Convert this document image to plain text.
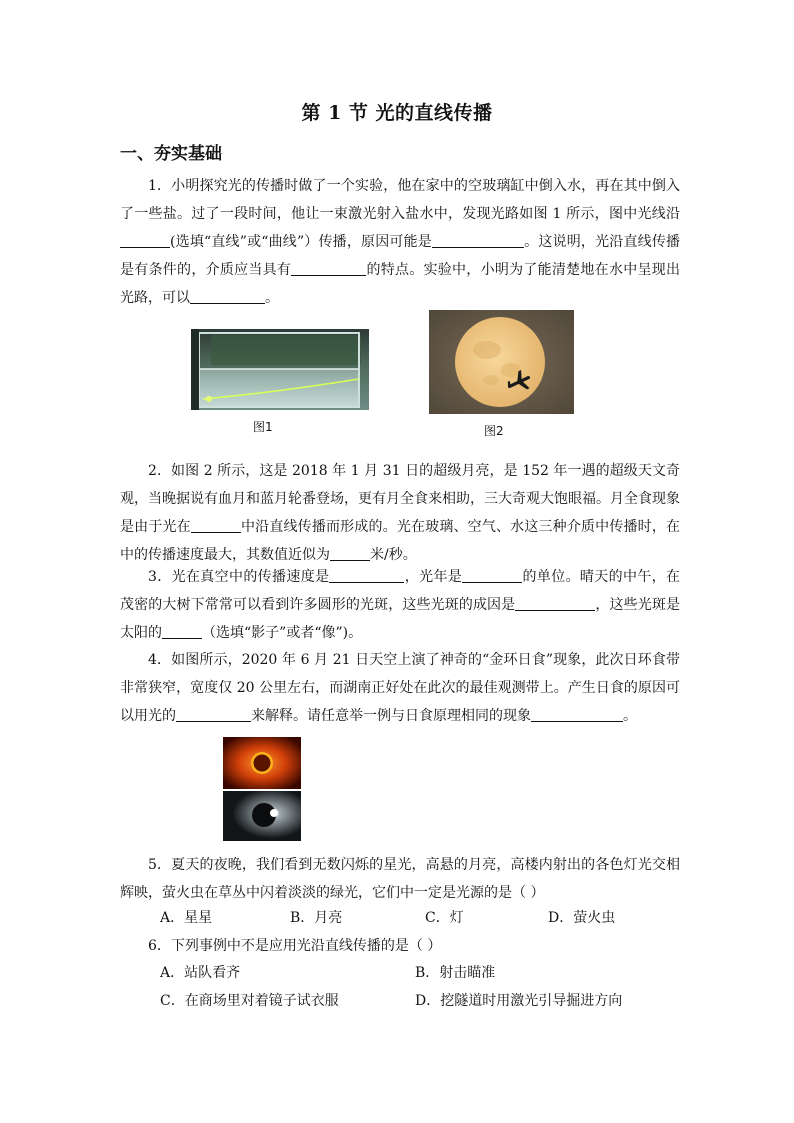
第 1 节 光的直线传播
一、夯实基础
1．小明探究光的传播时做了一个实验，他在家中的空玻璃缸中倒入水，再在其中倒入了一些盐。过了一段时间，他让一束激光射入盐水中，发现光路如图 1 所示，图中光线沿(选填“直线”或“曲线”）传播，原因可能是	。这说明，光沿直线传播是有条件的，介质应当具有	的特点。实验中，小明为了能清楚地在水中呈现出光路，可以	。
图1	图2
2．如图 2 所示，这是 2018 年 1 月 31 日的超级月亮，是 152 年一遇的超级天文奇观，当晚据说有血月和蓝月轮番登场，更有月全食来相助，三大奇观大饱眼福。月全食现象是由于光在	中沿直线传播而形成的。光在玻璃、空气、水这三种介质中传播时，在中的传播速度最大，其数值近似为	米/秒。
3．光在真空中的传播速度是	，光年是	的单位。晴天的中午，在茂密的大树下常常可以看到许多圆形的光斑，这些光斑的成因是	，这些光斑是太阳的	（选填“影子”或者“像”)。
4．如图所示，2020 年 6 月 21 日天空上演了神奇的“金环日食”现象，此次日环食带非常狭窄，宽度仅 20 公里左右，而湖南正好处在此次的最佳观测带上。产生日食的原因可以用光的	来解释。请任意举一例与日食原理相同的现象	。
5．夏天的夜晚，我们看到无数闪烁的星光，高悬的月亮，高楼内射出的各色灯光交相辉映，萤火虫在草丛中闪着淡淡的绿光，它们中一定是光源的是（ ）
A．星星	B．月亮	C．灯	D．萤火虫
6．下列事例中不是应用光沿直线传播的是（ ）
A．站队看齐	B．射击瞄准
C．在商场里对着镜子试衣服	D．挖隧道时用激光引导掘进方向
